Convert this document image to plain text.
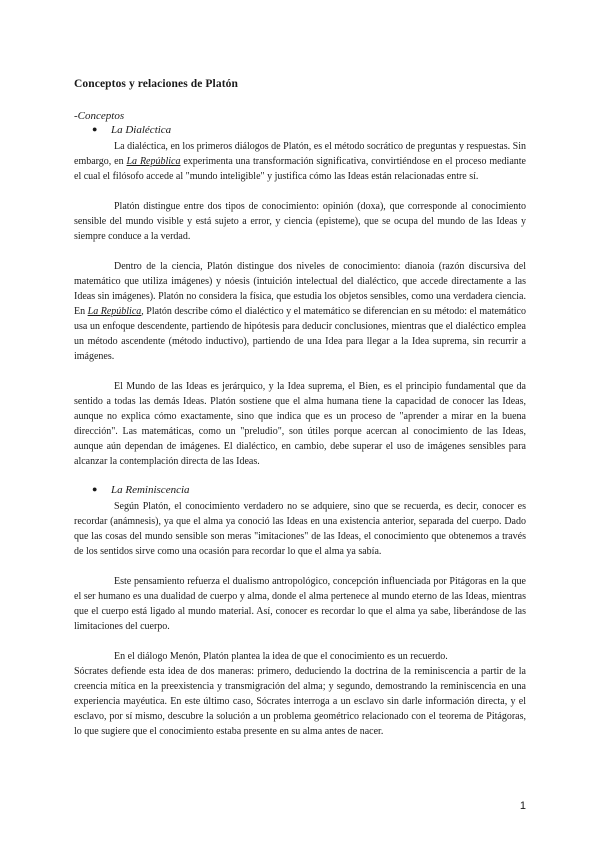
Conceptos y relaciones de Platón
-Conceptos
● La Dialéctica

La dialéctica, en los primeros diálogos de Platón, es el método socrático de preguntas y respuestas. Sin embargo, en La República experimenta una transformación significativa, convirtiéndose en el proceso mediante el cual el filósofo accede al "mundo inteligible" y justifica cómo las Ideas están relacionadas entre sí.

Platón distingue entre dos tipos de conocimiento: opinión (doxa), que corresponde al conocimiento sensible del mundo visible y está sujeto a error, y ciencia (episteme), que se ocupa del mundo de las Ideas y siempre conduce a la verdad.

Dentro de la ciencia, Platón distingue dos niveles de conocimiento: dianoia (razón discursiva del matemático que utiliza imágenes) y nóesis (intuición intelectual del dialéctico, que accede directamente a las Ideas sin imágenes). Platón no considera la física, que estudia los objetos sensibles, como una verdadera ciencia. En La República, Platón describe cómo el dialéctico y el matemático se diferencian en su método: el matemático usa un enfoque descendente, partiendo de hipótesis para deducir conclusiones, mientras que el dialéctico emplea un método ascendente (método inductivo), partiendo de una Idea para llegar a la Idea suprema, sin recurrir a imágenes.

El Mundo de las Ideas es jerárquico, y la Idea suprema, el Bien, es el principio fundamental que da sentido a todas las demás Ideas. Platón sostiene que el alma humana tiene la capacidad de conocer las Ideas, aunque no explica cómo exactamente, sino que indica que es un proceso de "aprender a mirar en la buena dirección". Las matemáticas, como un "preludio", son útiles porque acercan al conocimiento de las Ideas, aunque aún dependan de imágenes. El dialéctico, en cambio, debe superar el uso de imágenes sensibles para alcanzar la contemplación directa de las Ideas.

● La Reminiscencia

Según Platón, el conocimiento verdadero no se adquiere, sino que se recuerda, es decir, conocer es recordar (anámnesis), ya que el alma ya conoció las Ideas en una existencia anterior, separada del cuerpo. Dado que las cosas del mundo sensible son meras "imitaciones" de las Ideas, el conocimiento que obtenemos a través de los sentidos sirve como una ocasión para recordar lo que el alma ya sabía.

Este pensamiento refuerza el dualismo antropológico, concepción influenciada por Pitágoras en la que el ser humano es una dualidad de cuerpo y alma, donde el alma pertenece al mundo eterno de las Ideas, mientras que el cuerpo está ligado al mundo material. Así, conocer es recordar lo que el alma ya sabe, liberándose de las limitaciones del cuerpo.

En el diálogo Menón, Platón plantea la idea de que el conocimiento es un recuerdo.

Sócrates defiende esta idea de dos maneras: primero, deduciendo la doctrina de la reminiscencia a partir de la creencia mítica en la preexistencia y transmigración del alma; y segundo, demostrando la reminiscencia en una experiencia mayéutica. En este último caso, Sócrates interroga a un esclavo sin darle información directa, y el esclavo, por sí mismo, descubre la solución a un problema geométrico relacionado con el teorema de Pitágoras, lo que sugiere que el conocimiento estaba presente en su alma antes de nacer.

1
